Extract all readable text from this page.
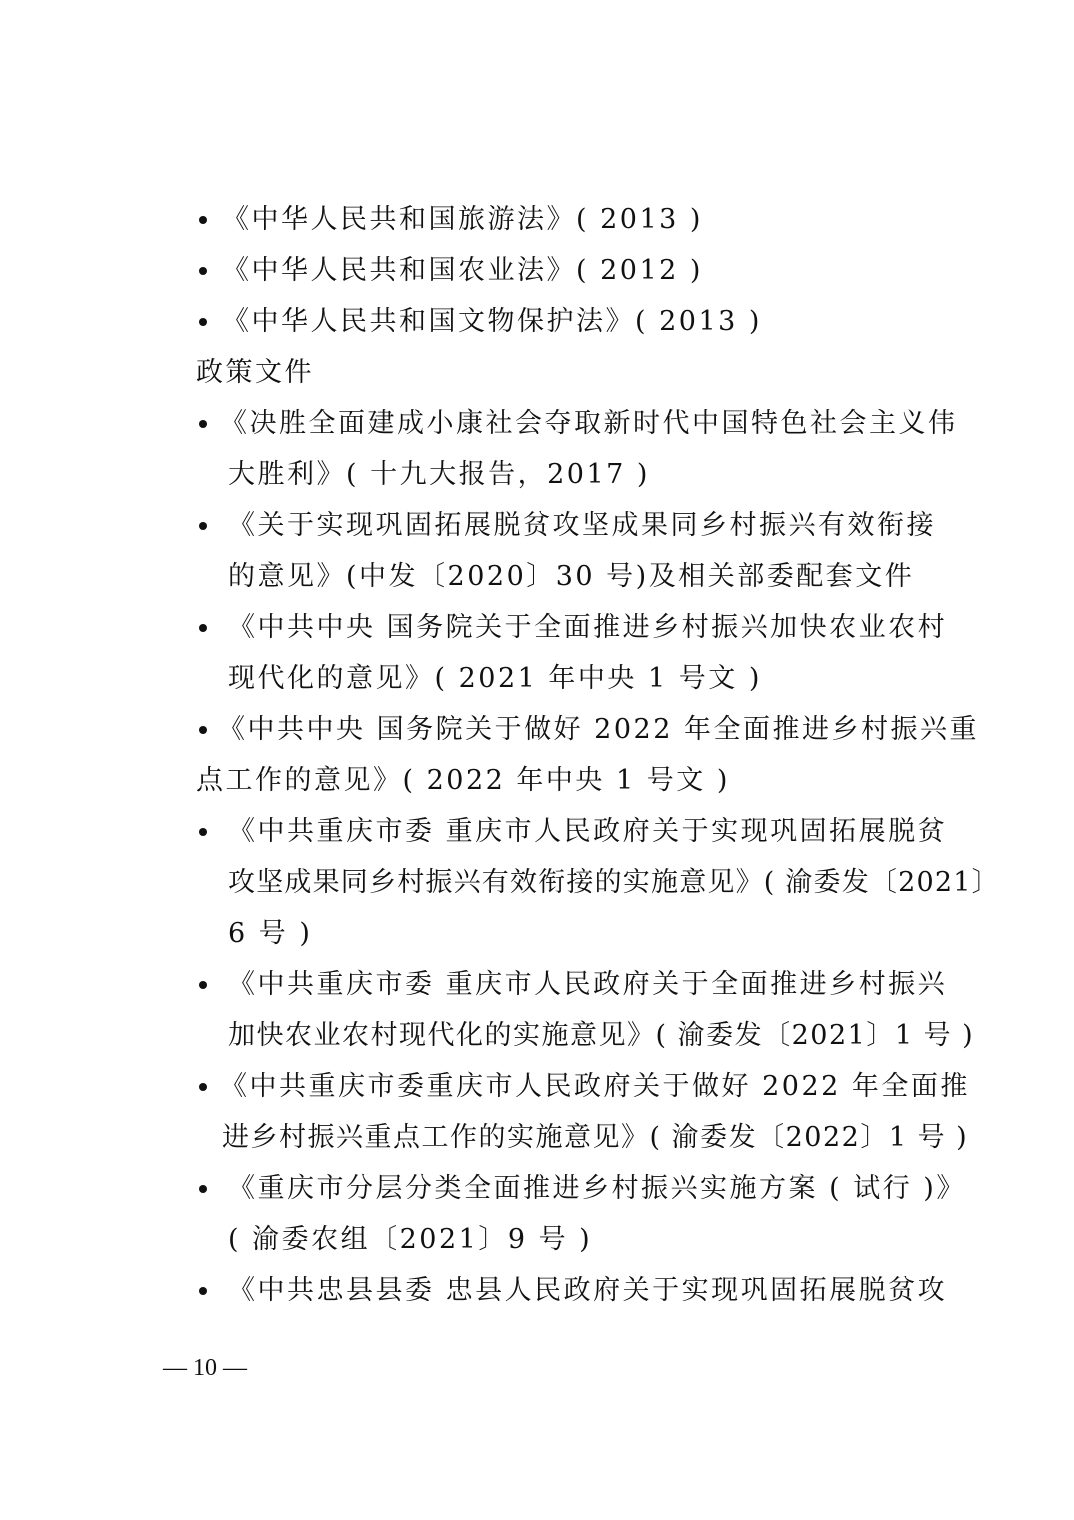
《中华人民共和国旅游法》( 2013 )
《中华人民共和国农业法》( 2012 )
《中华人民共和国文物保护法》( 2013 )
政策文件
《决胜全面建成小康社会夺取新时代中国特色社会主义伟
大胜利》( 十九大报告，2017 )
《关于实现巩固拓展脱贫攻坚成果同乡村振兴有效衔接
的意见》(中发〔2020〕30 号)及相关部委配套文件
《中共中央 国务院关于全面推进乡村振兴加快农业农村
现代化的意见》( 2021 年中央 1 号文 )
《中共中央 国务院关于做好 2022 年全面推进乡村振兴重
点工作的意见》( 2022 年中央 1 号文 )
《中共重庆市委 重庆市人民政府关于实现巩固拓展脱贫
攻坚成果同乡村振兴有效衔接的实施意见》( 渝委发〔2021〕
6 号 )
《中共重庆市委 重庆市人民政府关于全面推进乡村振兴
加快农业农村现代化的实施意见》( 渝委发〔2021〕1 号 )
《中共重庆市委重庆市人民政府关于做好 2022 年全面推
进乡村振兴重点工作的实施意见》( 渝委发〔2022〕1 号 )
《重庆市分层分类全面推进乡村振兴实施方案 ( 试行 )》
( 渝委农组〔2021〕9 号 )
《中共忠县县委 忠县人民政府关于实现巩固拓展脱贫攻
— 10 —
